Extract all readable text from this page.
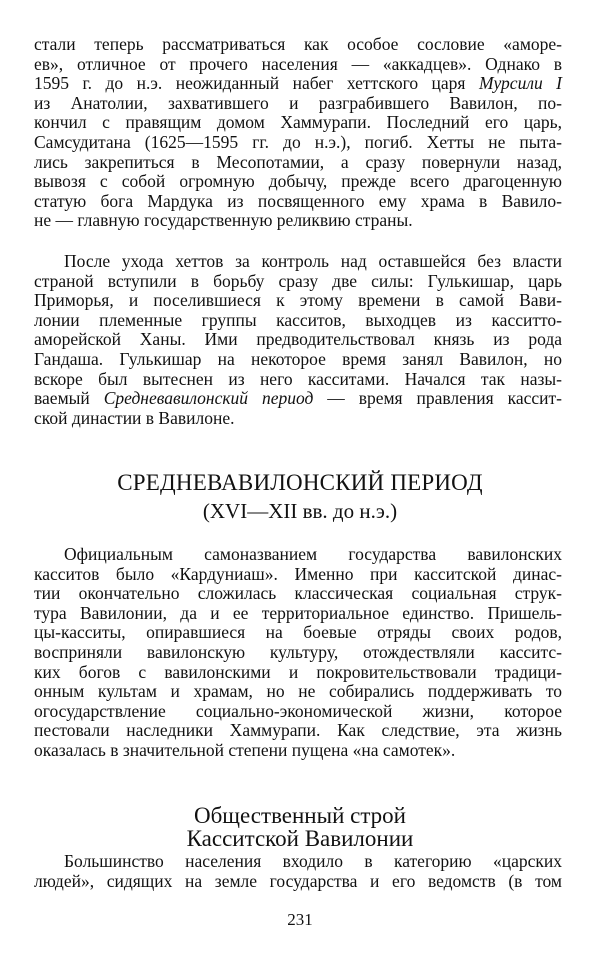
стали теперь рассматриваться как особое сословие «аморе-
ев», отличное от прочего населения — «аккадцев». Однако в
1595 г. до н.э. неожиданный набег хеттского царя Мурсили I
из Анатолии, захватившего и разграбившего Вавилон, по-
кончил с правящим домом Хаммурапи. Последний его царь,
Самсудитана (1625—1595 гг. до н.э.), погиб. Хетты не пыта-
лись закрепиться в Месопотамии, а сразу повернули назад,
вывозя с собой огромную добычу, прежде всего драгоценную
статую бога Мардука из посвященного ему храма в Вавило-
не — главную государственную реликвию страны.
После ухода хеттов за контроль над оставшейся без власти
страной вступили в борьбу сразу две силы: Гулькишар, царь
Приморья, и поселившиеся к этому времени в самой Вави-
лонии племенные группы касситов, выходцев из касситто-
аморейской Ханы. Ими предводительствовал князь из рода
Гандаша. Гулькишар на некоторое время занял Вавилон, но
вскоре был вытеснен из него касситами. Начался так назы-
ваемый Средневавилонский период — время правления касcит-
ской династии в Вавилоне.
СРЕДНЕВАВИЛОНСКИЙ ПЕРИОД
(XVI—XII вв. до н.э.)
Официальным самоназванием государства вавилонских
касситов было «Кардуниаш». Именно при касситской динас-
тии окончательно сложилась классическая социальная струк-
тура Вавилонии, да и ее территориальное единство. Пришель-
цы-касситы, опиравшиеся на боевые отряды своих родов,
восприняли вавилонскую культуру, отождествляли касситс-
ких богов с вавилонскими и покровительствовали традици-
онным культам и храмам, но не собирались поддерживать то
огосударствление социально-экономической жизни, которое
пестовали наследники Хаммурапи. Как следствие, эта жизнь
оказалась в значительной степени пущена «на самотек».
Общественный строй
Касситской Вавилонии
Большинство населения входило в категорию «царских
людей», сидящих на земле государства и его ведомств (в том
231
